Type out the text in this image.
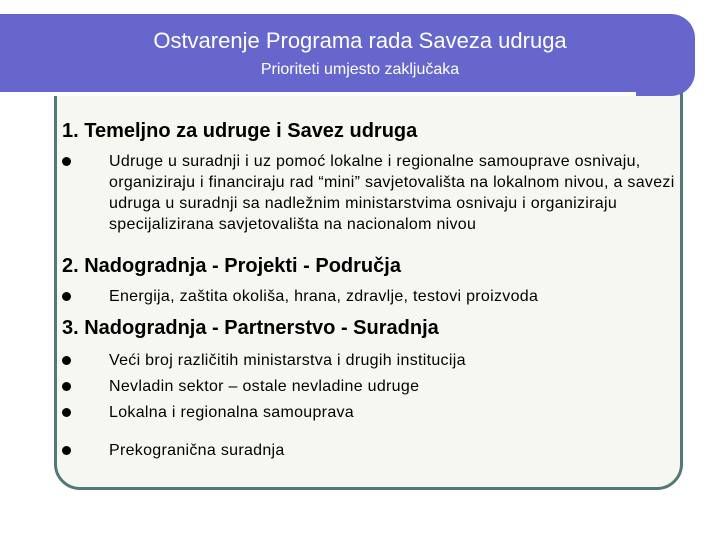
Ostvarenje Programa rada Saveza udruga
Prioriteti umjesto zaključaka
1. Temeljno za udruge i Savez udruga
Udruge u suradnji i uz pomoć lokalne i regionalne samouprave osnivaju, organiziraju i financiraju rad “mini” savjetovališta na lokalnom nivou, a savezi udruga u suradnji sa nadležnim ministarstvima osnivaju i organiziraju specijalizirana savjetovališta na nacionalom nivou
2. Nadogradnja - Projekti - Područja
Energija, zaštita okoliša, hrana, zdravlje, testovi proizvoda
3. Nadogradnja - Partnerstvo - Suradnja
Veći broj različitih ministarstva i drugih institucija
Nevladin sektor – ostale nevladine udruge
Lokalna i regionalna samouprava
Prekogranična suradnja
